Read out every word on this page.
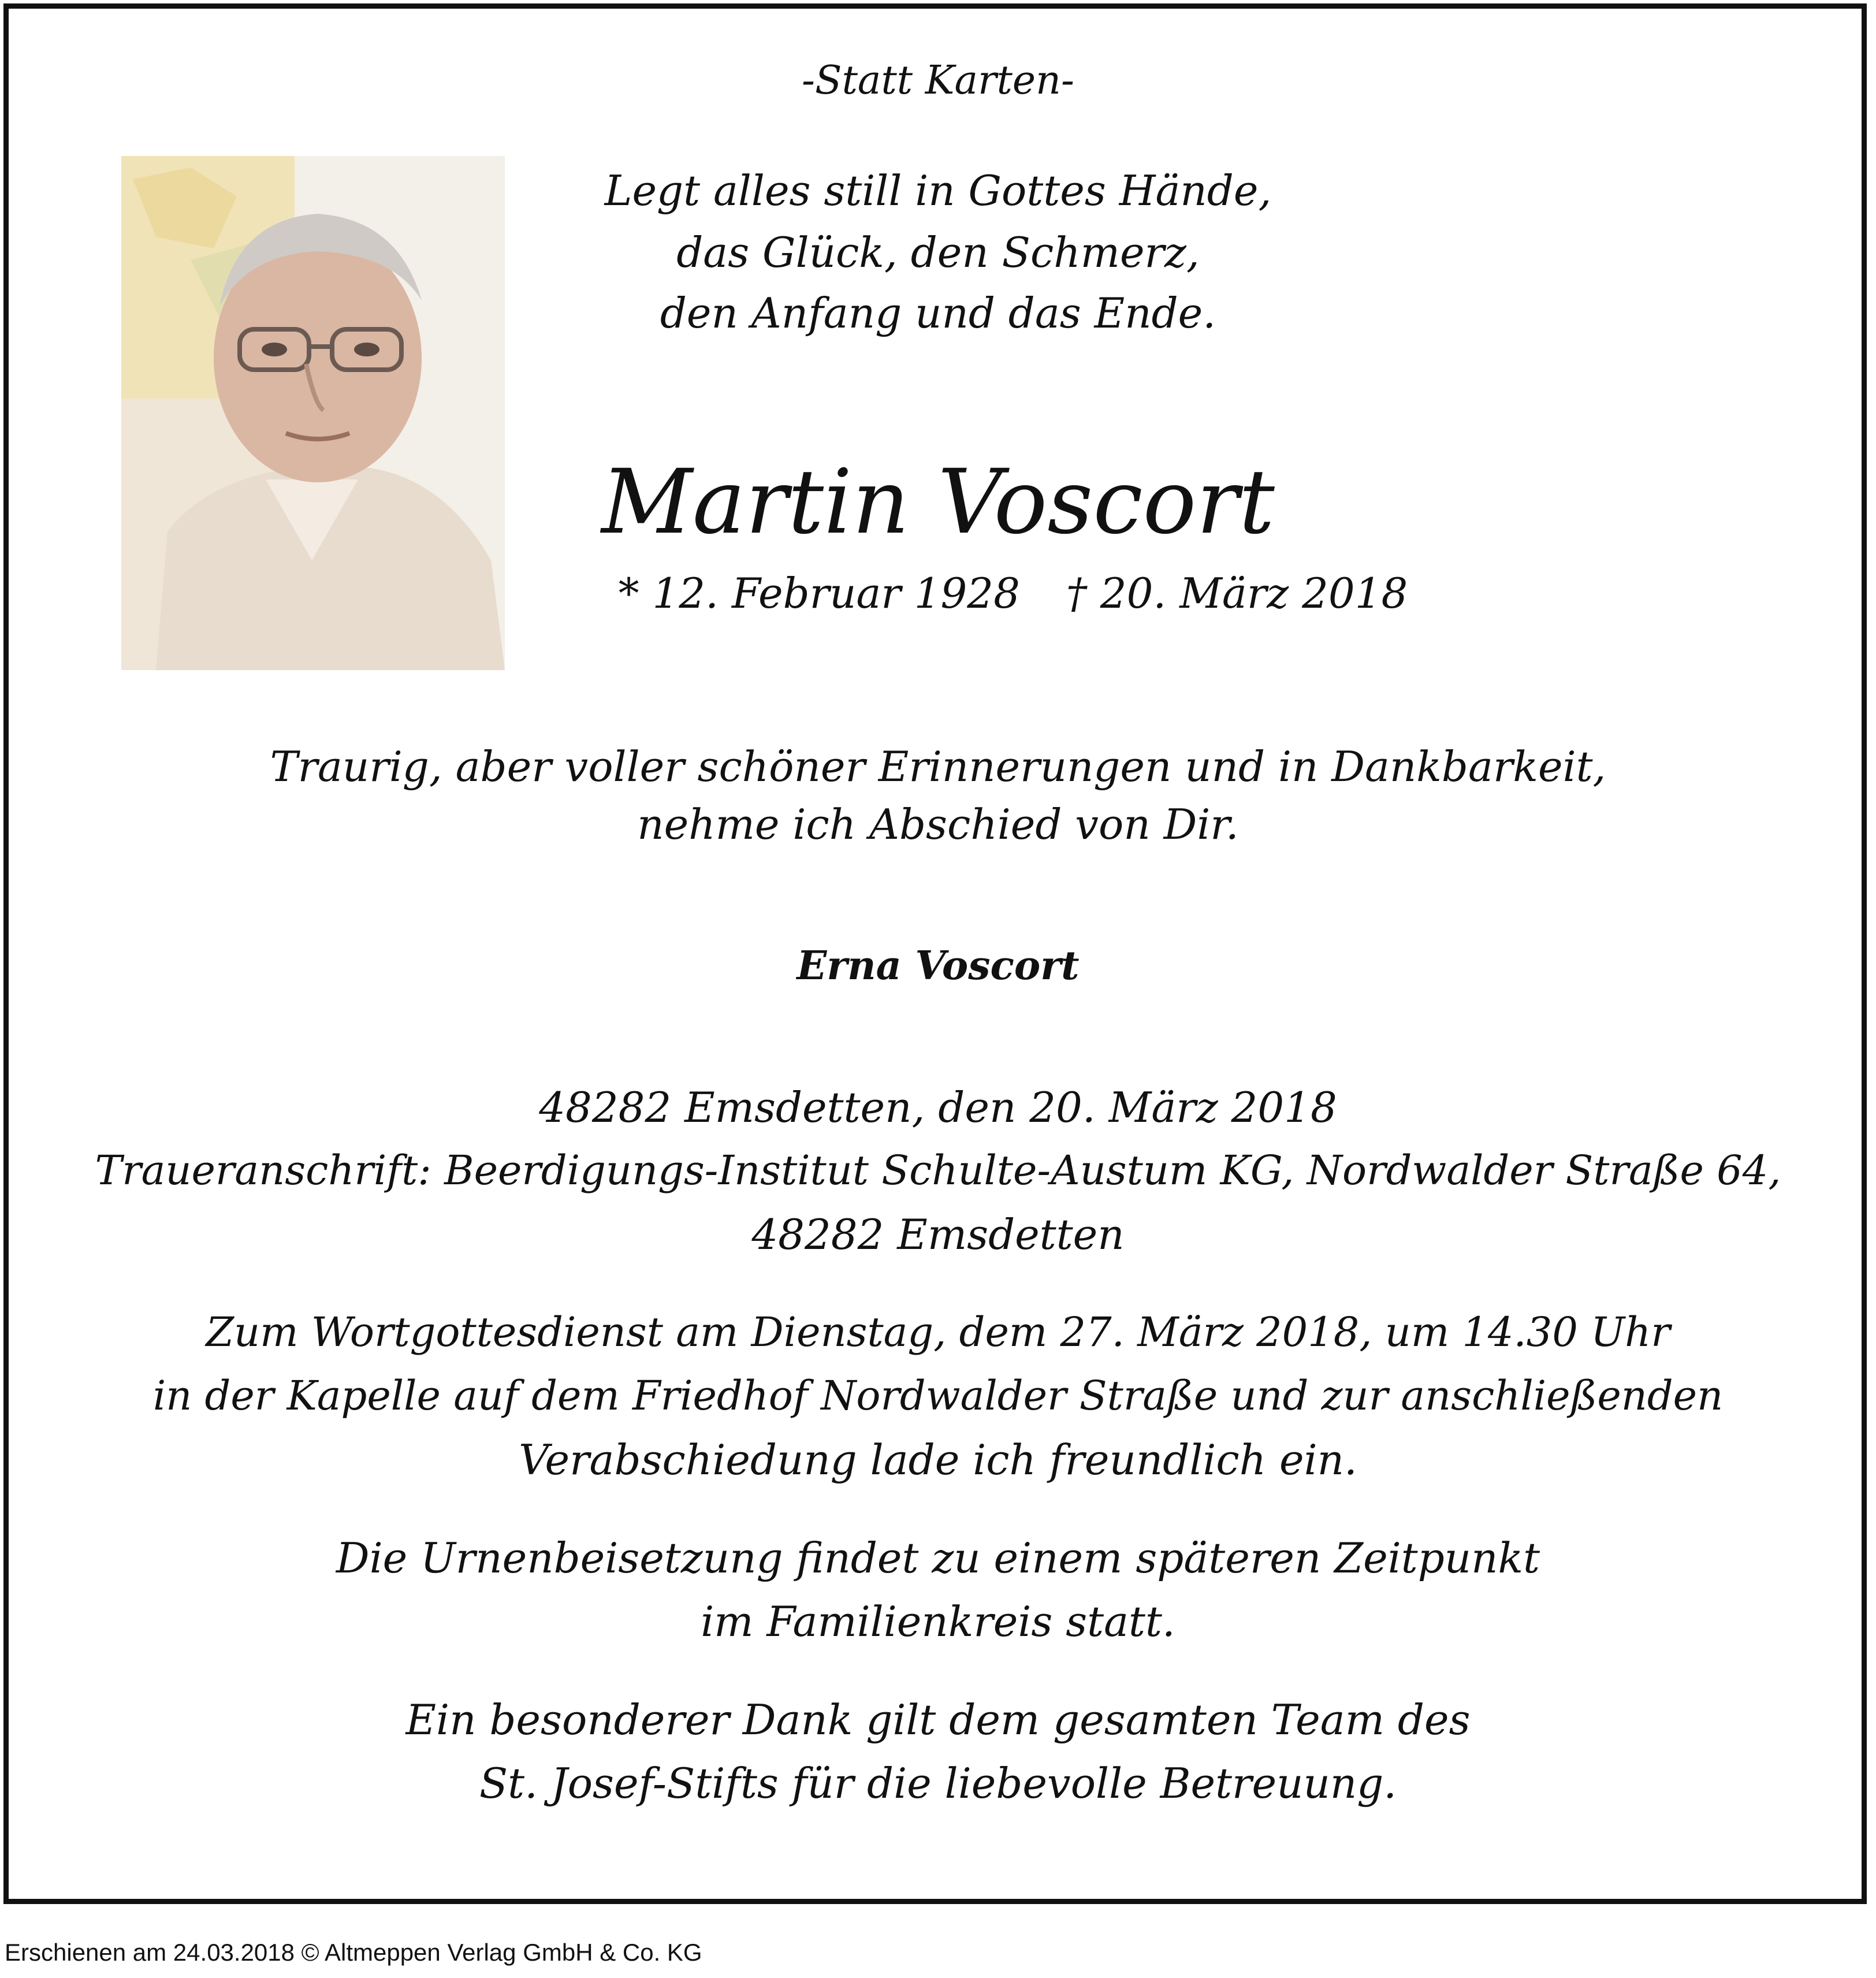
-Statt Karten-

Legt alles still in Gottes Hände,

das Glück, den Schmerz,

den Anfang und das Ende.

Martin Voscort

* 12. Februar 1928 † 20. März 2018

Traurig, aber voller schöner Erinnerungen und in Dankbarkeit,

nehme ich Abschied von Dir.

Erna Voscort

48282 Emsdetten, den 20. März 2018

Traueranschrift: Beerdigungs-Institut Schulte-Austum KG, Nordwalder Straße 64,

48282 Emsdetten

Zum Wortgottesdienst am Dienstag, dem 27. März 2018, um 14.30 Uhr

in der Kapelle auf dem Friedhof Nordwalder Straße und zur anschließenden

Verabschiedung lade ich freundlich ein.

Die Urnenbeisetzung findet zu einem späteren Zeitpunkt

im Familienkreis statt.

Ein besonderer Dank gilt dem gesamten Team des

St. Josef-Stifts für die liebevolle Betreuung.

Erschienen am 24.03.2018 © Altmeppen Verlag GmbH & Co. KG
